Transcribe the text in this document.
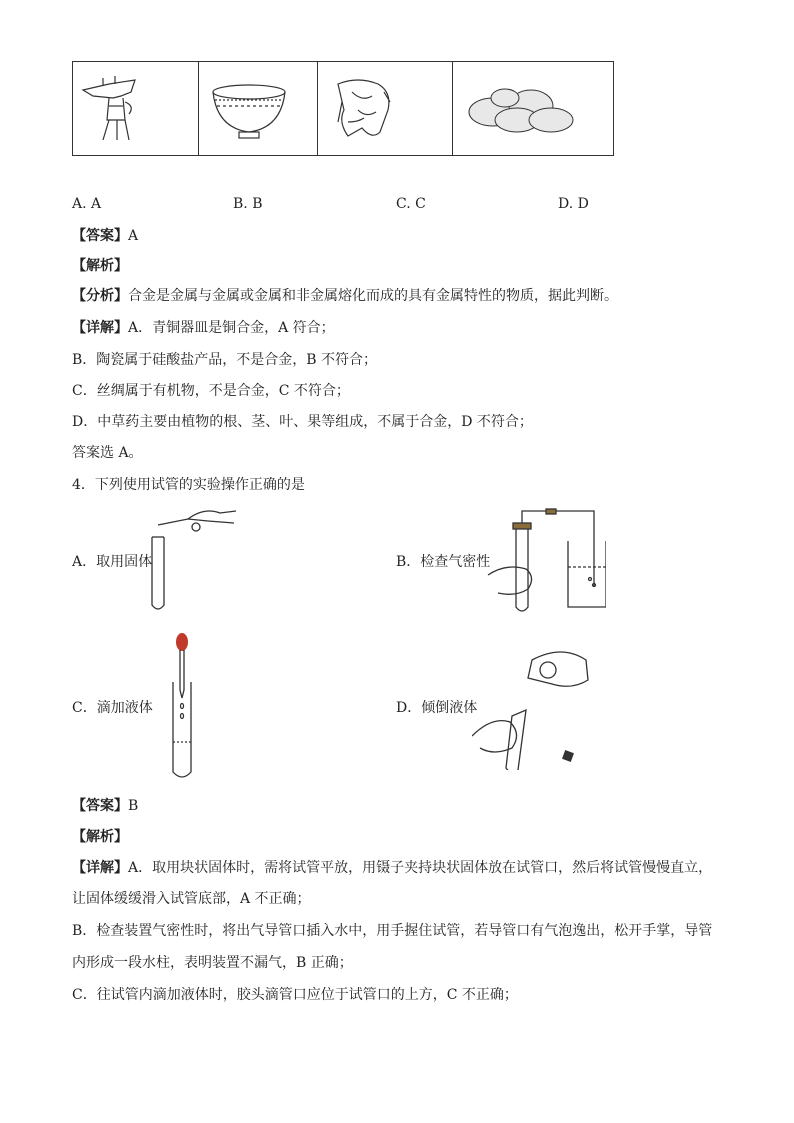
A. A	B. B	C. C	D. D
【答案】A
【解析】
【分析】合金是金属与金属或金属和非金属熔化而成的具有金属特性的物质，据此判断。
【详解】A．青铜器皿是铜合金，A 符合；
B．陶瓷属于硅酸盐产品，不是合金，B 不符合；
C．丝绸属于有机物，不是合金，C 不符合；
D．中草药主要由植物的根、茎、叶、果等组成，不属于合金，D 不符合；
答案选 A。
4．下列使用试管的实验操作正确的是
A．取用固体	B．检查气密性
C．滴加液体	D．倾倒液体
【答案】B
【解析】
【详解】A．取用块状固体时，需将试管平放，用镊子夹持块状固体放在试管口，然后将试管慢慢直立，
让固体缓缓滑入试管底部，A 不正确；
B．检查装置气密性时，将出气导管口插入水中，用手握住试管，若导管口有气泡逸出，松开手掌，导管
内形成一段水柱，表明装置不漏气，B 正确；
C．往试管内滴加液体时，胶头滴管口应位于试管口的上方，C 不正确；
